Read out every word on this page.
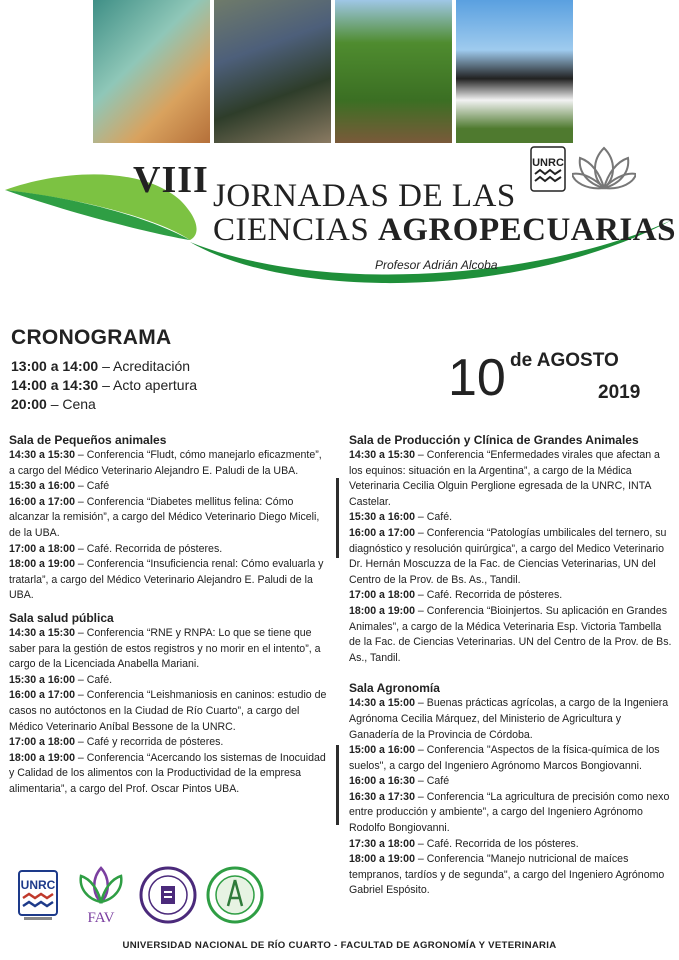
UNRC
VIII JORNADAS DE LAS
CIENCIAS AGROPECUARIAS
Profesor Adrián Alcoba
CRONOGRAMA
13:00 a 14:00 – Acreditación
14:00 a 14:30 – Acto apertura
20:00 – Cena	10 de AGOSTO
2019
Sala de Pequeños animales
14:30 a 15:30 – Conferencia “Fludt, cómo manejarlo eficazmente”, a cargo del Médico Veterinario Alejandro E. Paludi de la UBA.
15:30 a 16:00 – Café
16:00 a 17:00 – Conferencia “Diabetes mellitus felina: Cómo alcanzar la remisión”, a cargo del Médico Veterinario Diego Miceli, de la UBA.
17:00 a 18:00 – Café. Recorrida de pósteres.
18:00 a 19:00 – Conferencia “Insuficiencia renal: Cómo evaluarla y tratarla”, a cargo del Médico Veterinario Alejandro E. Paludi de la UBA.
Sala salud pública
14:30 a 15:30 – Conferencia “RNE y RNPA: Lo que se tiene que saber para la gestión de estos registros y no morir en el intento”, a cargo de la Licenciada Anabella Mariani.
15:30 a 16:00 – Café.
16:00 a 17:00 – Conferencia “Leishmaniosis en caninos: estudio de casos no autóctonos en la Ciudad de Río Cuarto”, a cargo del Médico Veterinario Aníbal Bessone de la UNRC.
17:00 a 18:00 – Café y recorrida de pósteres.
18:00 a 19:00 – Conferencia “Acercando los sistemas de Inocuidad y Calidad de los alimentos con la Productividad de la empresa alimentaria”, a cargo del Prof. Oscar Pintos UBA.
Sala de Producción y Clínica de Grandes Animales
14:30 a 15:30 – Conferencia “Enfermedades virales que afectan a los equinos: situación en la Argentina”, a cargo de la Médica Veterinaria Cecilia Olguin Perglione egresada de la UNRC, INTA Castelar.
15:30 a 16:00 – Café.
16:00 a 17:00 – Conferencia “Patologías umbilicales del ternero, su diagnóstico y resolución quirúrgica”, a cargo del Medico Veterinario Dr. Hernán Moscuzza de la Fac. de Ciencias Veterinarias, UN del Centro de la Prov. de Bs. As., Tandil.
17:00 a 18:00 – Café. Recorrida de pósteres.
18:00 a 19:00 – Conferencia “Bioinjertos. Su aplicación en Grandes Animales”, a cargo de la Médica Veterinaria Esp. Victoria Tambella de la Fac. de Ciencias Veterinarias. UN del Centro de la Prov. de Bs. As., Tandil.
Sala Agronomía
14:30 a 15:00 – Buenas prácticas agrícolas, a cargo de la Ingeniera Agrónoma Cecilia Márquez, del Ministerio de Agricultura y Ganadería de la Provincia de Córdoba.
15:00 a 16:00 – Conferencia "Aspectos de la física-química de los suelos", a cargo del Ingeniero Agrónomo Marcos Bongiovanni.
16:00 a 16:30 – Café
16:30 a 17:30 – Conferencia “La agricultura de precisión como nexo entre producción y ambiente”, a cargo del Ingeniero Agrónomo Rodolfo Bongiovanni.
17:30 a 18:00 – Café. Recorrida de los pósteres.
18:00 a 19:00 – Conferencia "Manejo nutricional de maíces tempranos, tardíos y de segunda", a cargo del Ingeniero Agrónomo Gabriel Espósito.
UNRC
FAV
UNIVERSIDAD NACIONAL DE RÍO CUARTO - FACULTAD DE AGRONOMÍA Y VETERINARIA
